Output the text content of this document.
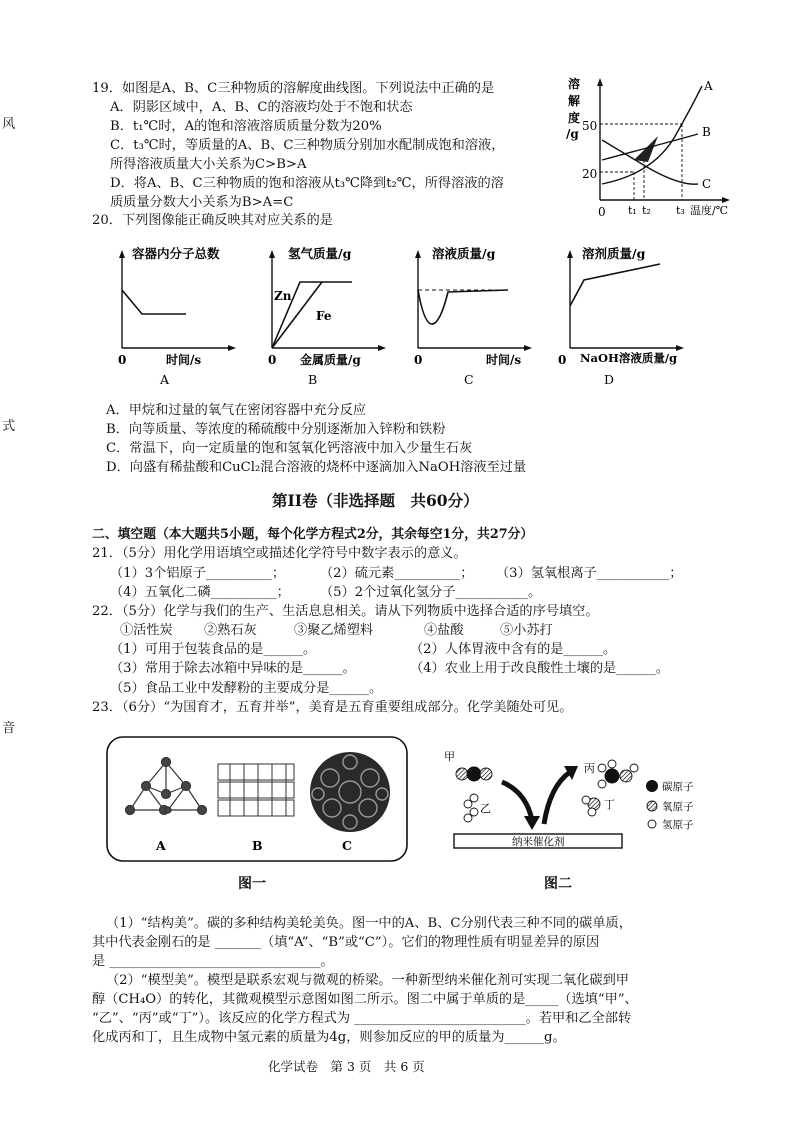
风
式
音
19．如图是A、B、C三种物质的溶解度曲线图。下列说法中正确的是
A．阴影区域中，A、B、C的溶液均处于不饱和状态
B．t₁℃时，A的饱和溶液溶质质量分数为20%
C．t₃℃时，等质量的A、B、C三种物质分别加水配制成饱和溶液，
所得溶液质量大小关系为C>B>A
D．将A、B、C三种物质的饱和溶液从t₃℃降到t₂℃，所得溶液的溶
质质量分数大小关系为B>A=C
溶
解
度
/g
50
20
0 t₁ t₂ t₃ 温度/℃
A
B
C
20．下列图像能正确反映其对应关系的是
容器内分子总数
0	时间/s
A
氢气质量/g
0 金属质量/g
Zn
Fe
B
溶液质量/g
0	时间/s
C
溶剂质量/g
0 NaOH溶液质量/g
D
A．甲烷和过量的氧气在密闭容器中充分反应
B．向等质量、等浓度的稀硫酸中分别逐渐加入锌粉和铁粉
C．常温下，向一定质量的饱和氢氧化钙溶液中加入少量生石灰
D．向盛有稀盐酸和CuCl₂混合溶液的烧杯中逐滴加入NaOH溶液至过量
第II卷（非选择题　共60分）
二、填空题（本大题共5小题，每个化学方程式2分，其余每空1分，共27分）
21．（5分）用化学用语填空或描述化学符号中数字表示的意义。
（1）3个铝原子__________；	（2）硫元素__________； （3）氢氧根离子___________；
（4）五氧化二磷__________； （5）2个过氧化氢分子___________。
22．（5分）化学与我们的生产、生活息息相关。请从下列物质中选择合适的序号填空。
①活性炭 ②熟石灰	③聚乙烯塑料	④盐酸	⑤小苏打
（1）可用于包装食品的是______。	（2）人体胃液中含有的是______。
（3）常用于除去冰箱中异味的是______。	（4）农业上用于改良酸性土壤的是______。
（5）食品工业中发酵粉的主要成分是______。
23．（6分）“为国育才，五育并举”，美育是五育重要组成部分。化学美随处可见。
A	B	C
图一
甲
乙
丙
丁
纳米催化剂
碳原子
氧原子
氢原子
图二
（1）“结构美”。碳的多种结构美轮美奂。图一中的A、B、C分别代表三种不同的碳单质，
其中代表金刚石的是 _______（填“A”、“B”或“C”）。它们的物理性质有明显差异的原因
是 ________________________________。
（2）“模型美”。模型是联系宏观与微观的桥梁。一种新型纳米催化剂可实现二氧化碳到甲
醇（CH₄O）的转化，其微观模型示意图如图二所示。图二中属于单质的是_____（选填“甲”、
“乙”、“丙”或“丁”）。该反应的化学方程式为 __________________________。若甲和乙全部转
化成丙和丁，且生成物中氢元素的质量为4g，则参加反应的甲的质量为______g。
化学试卷　第 3 页　共 6 页
